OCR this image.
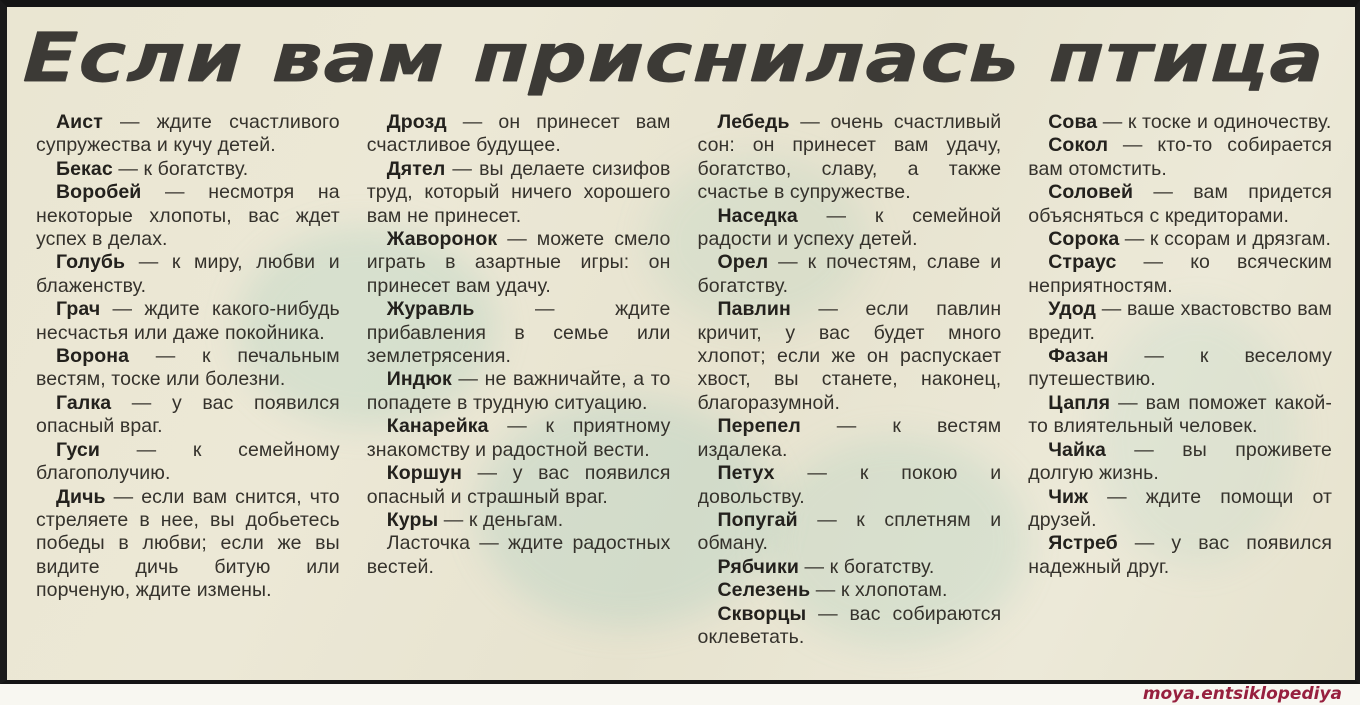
Если вам приснилась птица

Аист — ждите счастливого супружества и кучу детей.

Бекас — к богатству.

Воробей — несмотря на некоторые хлопоты, вас ждет успех в делах.

Голубь — к миру, любви и блаженству.

Грач — ждите какого-нибудь несчастья или даже покойника.

Ворона — к печальным вестям, тоске или болезни.

Галка — у вас появился опасный враг.

Гуси — к семейному благополучию.

Дичь — если вам снится, что стреляете в нее, вы добьетесь победы в любви; если же вы видите дичь битую или порченую, ждите измены.

Дрозд — он принесет вам счастливое будущее.

Дятел — вы делаете сизифов труд, который ничего хорошего вам не принесет.

Жаворонок — можете смело играть в азартные игры: он принесет вам удачу.

Журавль — ждите прибавления в семье или землетрясения.

Индюк — не важничайте, а то попадете в трудную ситуацию.

Канарейка — к приятному знакомству и радостной вести.

Коршун — у вас появился опасный и страшный враг.

Куры — к деньгам.

Ласточка — ждите радостных вестей.

Лебедь — очень счастливый сон: он принесет вам удачу, богатство, славу, а также счастье в супружестве.

Наседка — к семейной радости и успеху детей.

Орел — к почестям, славе и богатству.

Павлин — если павлин кричит, у вас будет много хлопот; если же он распускает хвост, вы станете, наконец, благоразумной.

Перепел — к вестям издалека.

Петух — к покою и довольству.

Попугай — к сплетням и обману.

Рябчики — к богатству.

Селезень — к хлопотам.

Скворцы — вас собираются оклеветать.

Сова — к тоске и одиночеству.

Сокол — кто-то собирается вам отомстить.

Соловей — вам придется объясняться с кредиторами.

Сорока — к ссорам и дрязгам.

Страус — ко всяческим неприятностям.

Удод — ваше хвастовство вам вредит.

Фазан — к веселому путешествию.

Цапля — вам поможет какой-то влиятельный человек.

Чайка — вы проживете долгую жизнь.

Чиж — ждите помощи от друзей.

Ястреб — у вас появился надежный друг.

moya.entsiklopediya
